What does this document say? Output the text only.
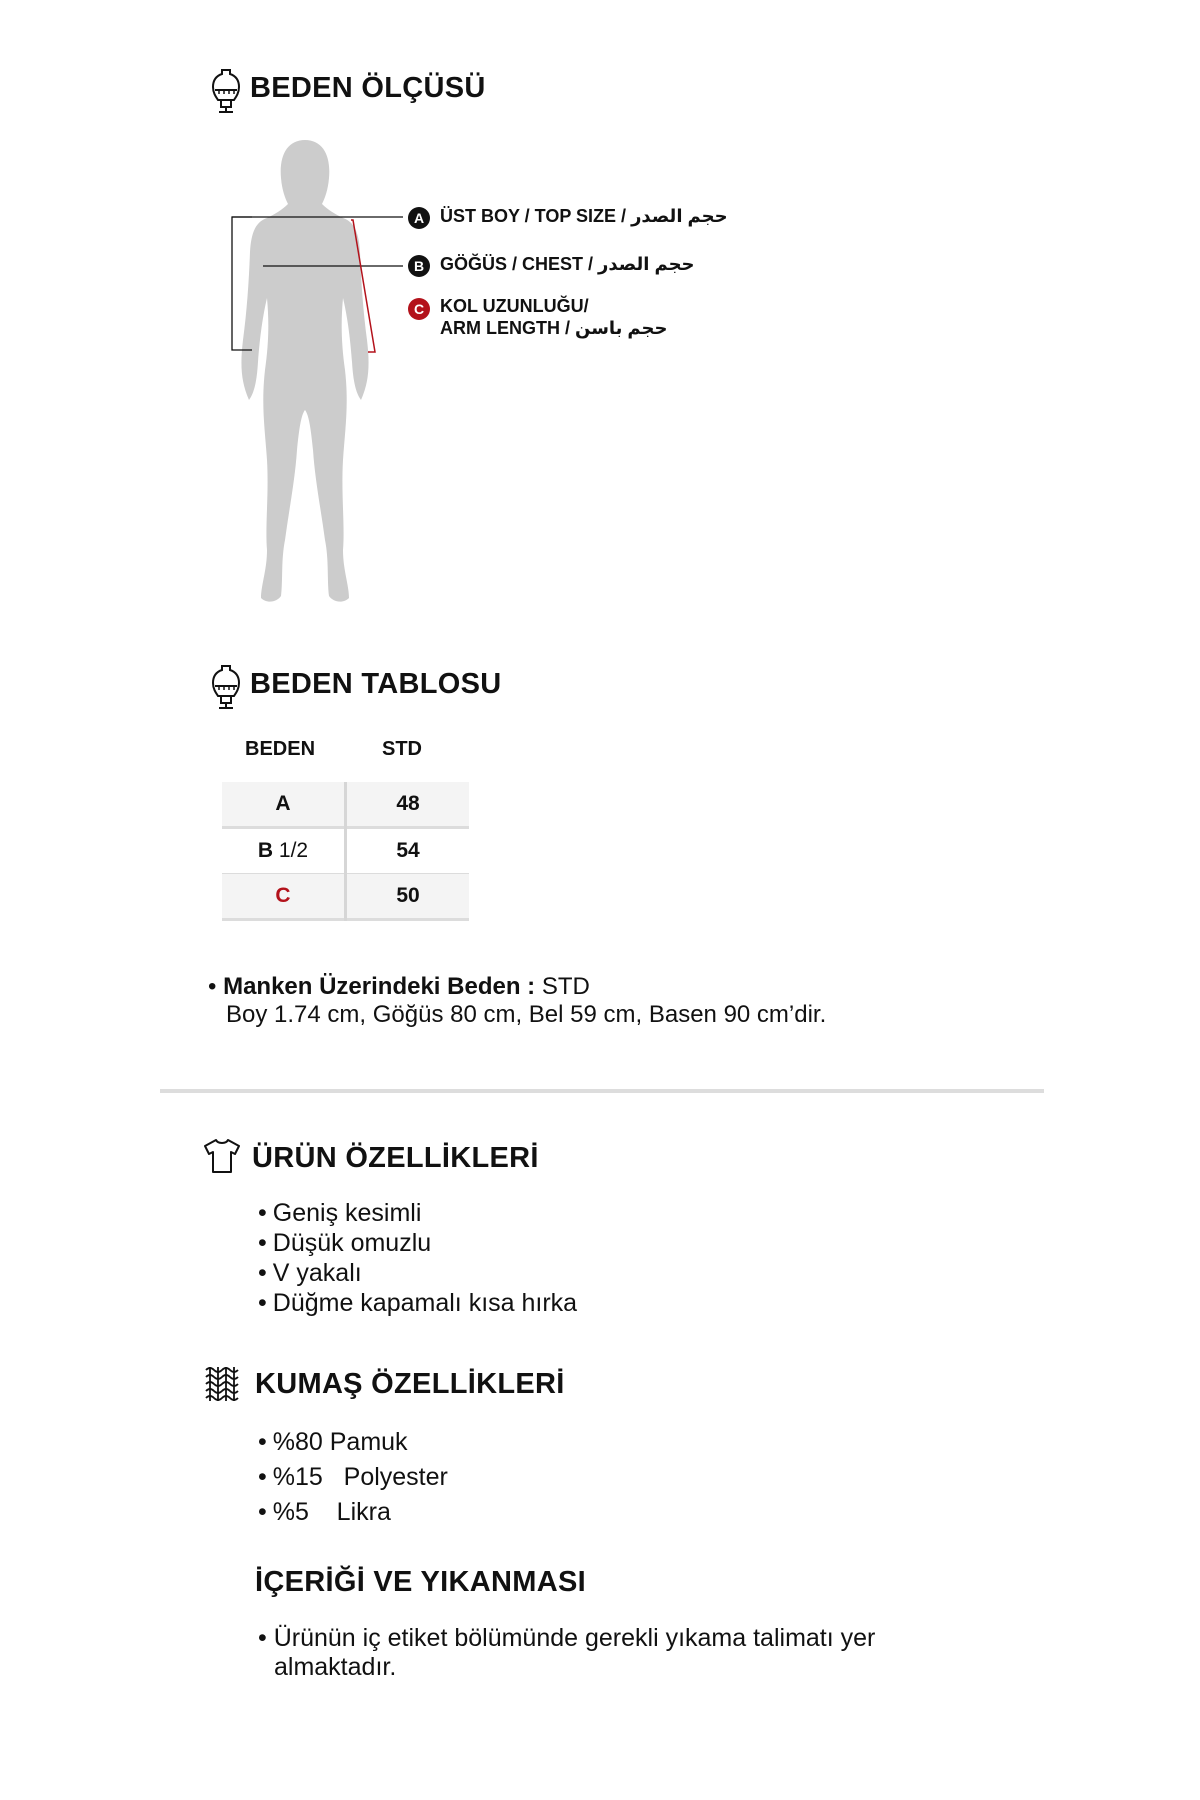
BEDEN ÖLÇÜSÜ
A ÜST BOY / TOP SIZE / حجم الصدر
B GÖĞÜS / CHEST / حجم الصدر
C KOL UZUNLUĞU/
ARM LENGTH / حجم باسن
BEDEN TABLOSU
BEDEN	STD
A	48
B 1/2	54
C	50
• Manken Üzerindeki Beden : STD
Boy 1.74 cm, Göğüs 80 cm, Bel 59 cm, Basen 90 cm’dir.
ÜRÜN ÖZELLİKLERİ
• Geniş kesimli
• Düşük omuzlu
• V yakalı
• Düğme kapamalı kısa hırka
KUMAŞ ÖZELLİKLERİ
• %80 Pamuk
• %15   Polyester
• %5    Likra
İÇERİĞİ VE YIKANMASI
• Ürünün iç etiket bölümünde gerekli yıkama talimatı yer
almaktadır.
